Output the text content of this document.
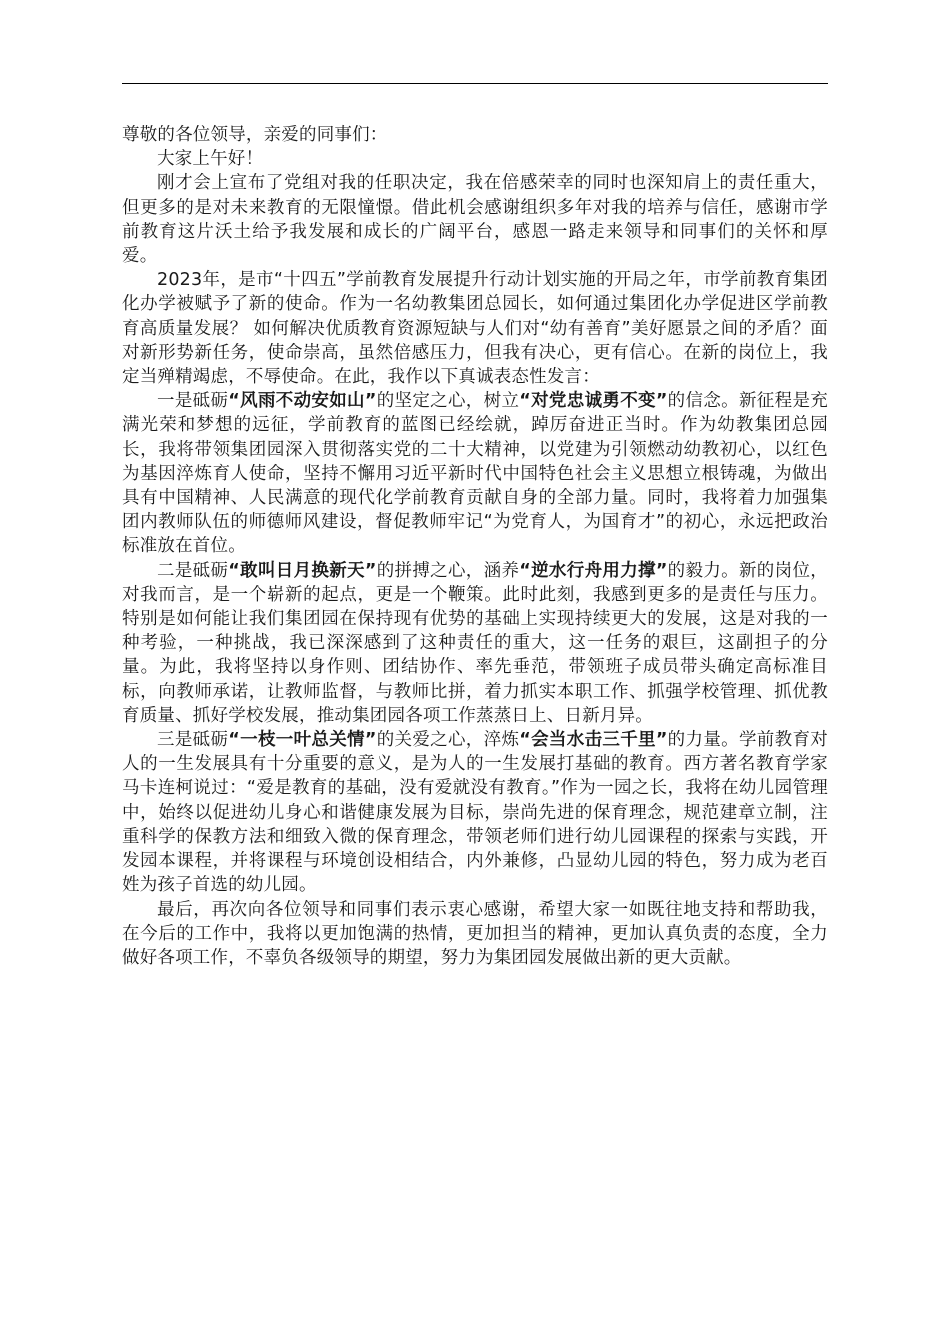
尊敬的各位领导，亲爱的同事们：

大家上午好！

刚才会上宣布了党组对我的任职决定，我在倍感荣幸的同时也深知肩上的责任重大，但更多的是对未来教育的无限憧憬。借此机会感谢组织多年对我的培养与信任，感谢市学前教育这片沃土给予我发展和成长的广阔平台，感恩一路走来领导和同事们的关怀和厚爱。

2023年，是市“十四五”学前教育发展提升行动计划实施的开局之年，市学前教育集团化办学被赋予了新的使命。作为一名幼教集团总园长，如何通过集团化办学促进区学前教育高质量发展？ 如何解决优质教育资源短缺与人们对“幼有善育”美好愿景之间的矛盾？面对新形势新任务，使命崇高，虽然倍感压力，但我有决心，更有信心。在新的岗位上，我定当殚精竭虑，不辱使命。在此，我作以下真诚表态性发言：

一是砥砺“风雨不动安如山”的坚定之心，树立“对党忠诚勇不变”的信念。新征程是充满光荣和梦想的远征，学前教育的蓝图已经绘就，踔厉奋进正当时。作为幼教集团总园长，我将带领集团园深入贯彻落实党的二十大精神，以党建为引领燃动幼教初心，以红色为基因淬炼育人使命，坚持不懈用习近平新时代中国特色社会主义思想立根铸魂，为做出具有中国精神、人民满意的现代化学前教育贡献自身的全部力量。同时，我将着力加强集团内教师队伍的师德师风建设，督促教师牢记“为党育人，为国育才”的初心，永远把政治标准放在首位。

二是砥砺“敢叫日月换新天”的拼搏之心，涵养“逆水行舟用力撑”的毅力。新的岗位，对我而言，是一个崭新的起点，更是一个鞭策。此时此刻，我感到更多的是责任与压力。特别是如何能让我们集团园在保持现有优势的基础上实现持续更大的发展，这是对我的一种考验，一种挑战，我已深深感到了这种责任的重大，这一任务的艰巨，这副担子的分量。为此，我将坚持以身作则、团结协作、率先垂范，带领班子成员带头确定高标准目标，向教师承诺，让教师监督，与教师比拼，着力抓实本职工作、抓强学校管理、抓优教育质量、抓好学校发展，推动集团园各项工作蒸蒸日上、日新月异。

三是砥砺“一枝一叶总关情”的关爱之心，淬炼“会当水击三千里”的力量。学前教育对人的一生发展具有十分重要的意义，是为人的一生发展打基础的教育。西方著名教育学家马卡连柯说过：“爱是教育的基础，没有爱就没有教育。”作为一园之长，我将在幼儿园管理中，始终以促进幼儿身心和谐健康发展为目标，崇尚先进的保育理念，规范建章立制，注重科学的保教方法和细致入微的保育理念，带领老师们进行幼儿园课程的探索与实践，开发园本课程，并将课程与环境创设相结合，内外兼修，凸显幼儿园的特色，努力成为老百姓为孩子首选的幼儿园。

最后，再次向各位领导和同事们表示衷心感谢，希望大家一如既往地支持和帮助我，在今后的工作中，我将以更加饱满的热情，更加担当的精神，更加认真负责的态度，全力做好各项工作，不辜负各级领导的期望，努力为集团园发展做出新的更大贡献。
